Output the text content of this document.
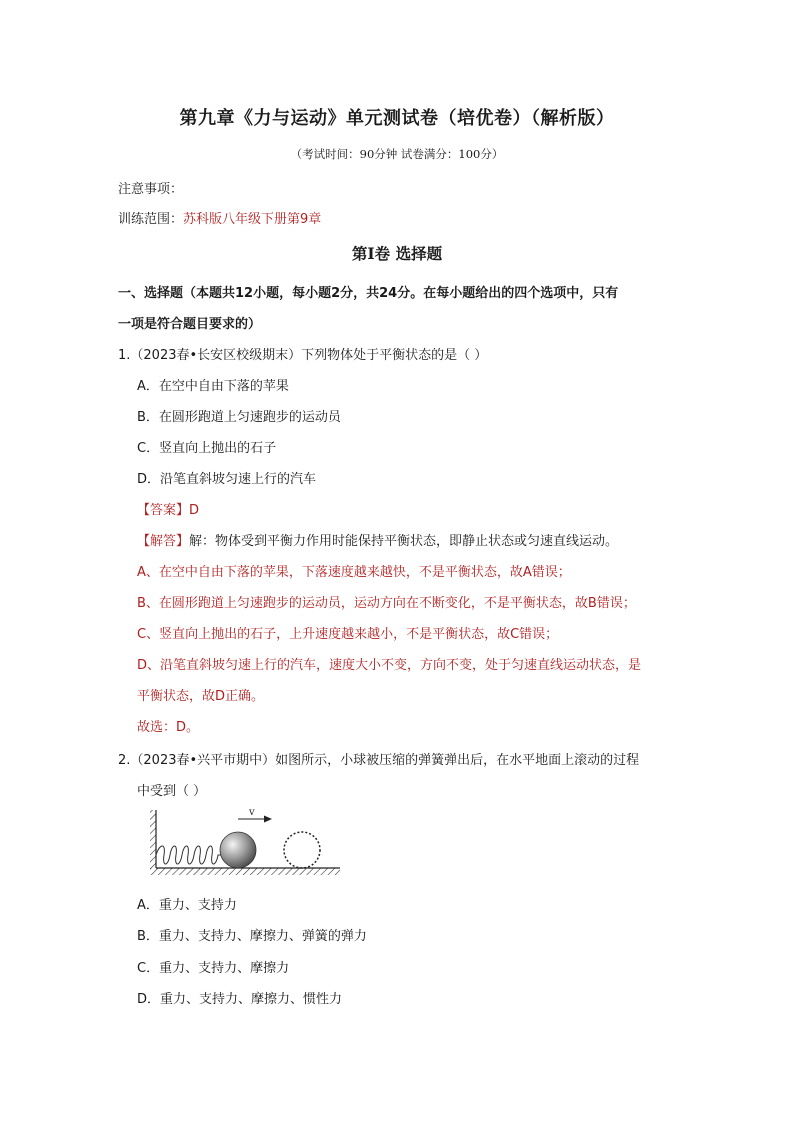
第九章《力与运动》单元测试卷（培优卷）（解析版）
（考试时间：90分钟 试卷满分：100分）
注意事项：
训练范围：苏科版八年级下册第9章
第Ⅰ卷 选择题
一、选择题（本题共12小题，每小题2分，共24分。在每小题给出的四个选项中，只有
一项是符合题目要求的）
1.（2023春•长安区校级期末）下列物体处于平衡状态的是（ ）
A．在空中自由下落的苹果
B．在圆形跑道上匀速跑步的运动员
C．竖直向上抛出的石子
D．沿笔直斜坡匀速上行的汽车
【答案】D
【解答】解：物体受到平衡力作用时能保持平衡状态，即静止状态或匀速直线运动。
A、在空中自由下落的苹果，下落速度越来越快，不是平衡状态，故A错误；
B、在圆形跑道上匀速跑步的运动员，运动方向在不断变化，不是平衡状态，故B错误；
C、竖直向上抛出的石子，上升速度越来越小，不是平衡状态，故C错误；
D、沿笔直斜坡匀速上行的汽车，速度大小不变，方向不变，处于匀速直线运动状态，是
平衡状态，故D正确。
故选：D。
2.（2023春•兴平市期中）如图所示，小球被压缩的弹簧弹出后，在水平地面上滚动的过程
中受到（ ）
v
A．重力、支持力
B．重力、支持力、摩擦力、弹簧的弹力
C．重力、支持力、摩擦力
D．重力、支持力、摩擦力、惯性力
